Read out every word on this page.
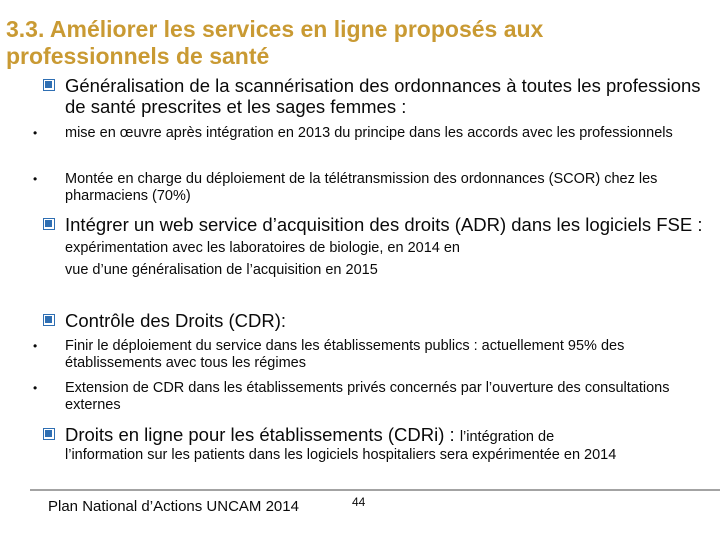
3.3. Améliorer les services en ligne proposés aux professionnels de santé
Généralisation de la scannérisation des ordonnances à toutes les professions de santé prescrites et les sages femmes :
• mise en œuvre après intégration en 2013 du principe dans les accords avec les professionnels
• Montée en charge du déploiement de la télétransmission des ordonnances (SCOR) chez les pharmaciens (70%)
Intégrer un web service d’acquisition des droits (ADR) dans les logiciels FSE : expérimentation avec les laboratoires de biologie, en 2014 en
vue d’une généralisation de l’acquisition en 2015
Contrôle des Droits (CDR):
• Finir le déploiement du service dans les établissements publics : actuellement 95% des établissements avec tous les régimes
• Extension de CDR dans les établissements privés concernés par l’ouverture des consultations externes
Droits en ligne pour les établissements (CDRi) : l’intégration de
l’information sur les patients dans les logiciels hospitaliers sera expérimentée en 2014
Plan National d’Actions UNCAM 2014	44
